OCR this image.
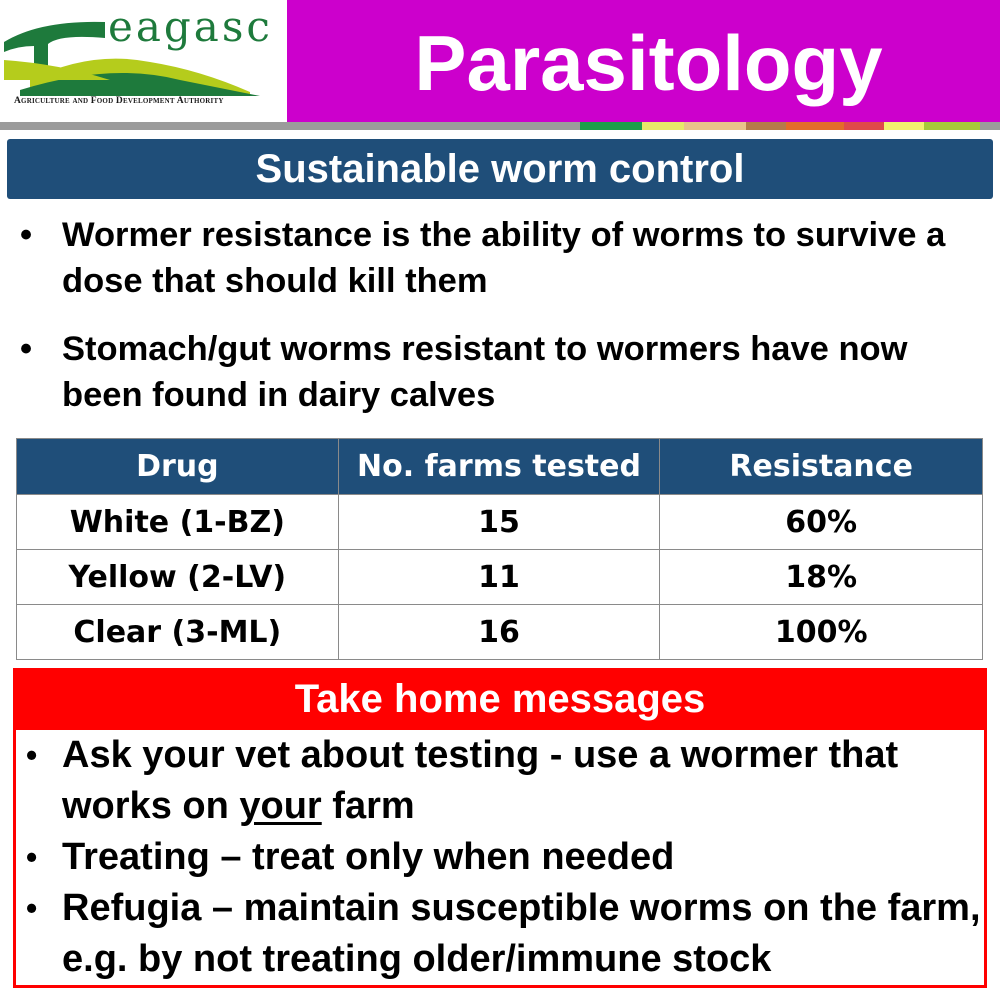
eagasc
Agriculture and Food Development Authority	Parasitology
Sustainable worm control
• Wormer resistance is the ability of worms to survive a dose that should kill them
• Stomach/gut worms resistant to wormers have now been found in dairy calves
Drug	No. farms tested	Resistance
White (1-BZ)	15	60%
Yellow (2-LV)	11	18%
Clear (3-ML)	16	100%
Take home messages
• Ask your vet about testing - use a wormer that works on your farm
• Treating – treat only when needed
• Refugia – maintain susceptible worms on the farm, e.g. by not treating older/immune stock
